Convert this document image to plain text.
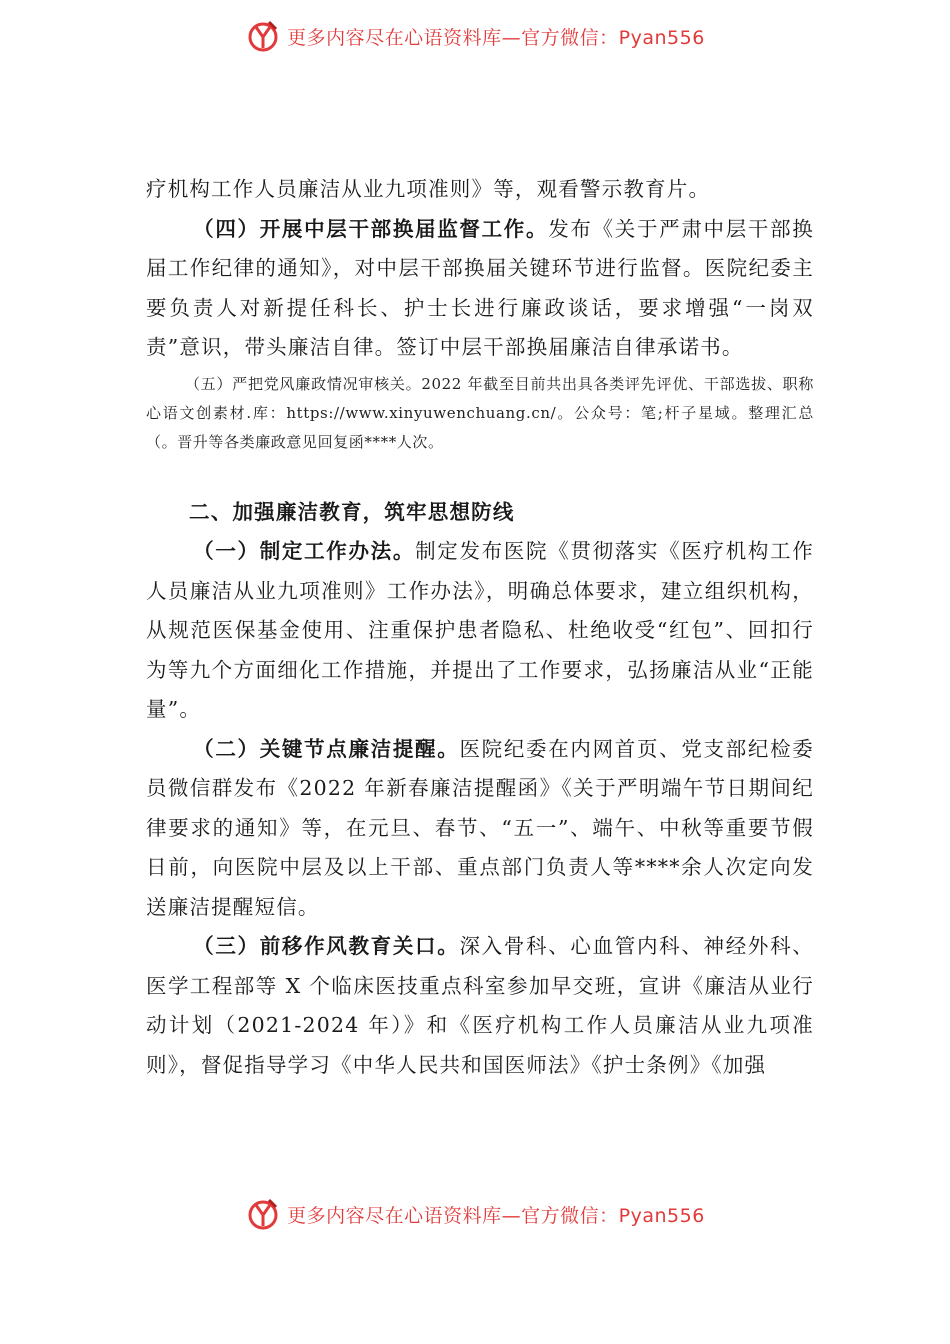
更多内容尽在心语资料库—官方微信：Pyan556

疗机构工作人员廉洁从业九项准则》等，观看警示教育片。

（四）开展中层干部换届监督工作。发布《关于严肃中层干部换届工作纪律的通知》，对中层干部换届关键环节进行监督。医院纪委主要负责人对新提任科长、护士长进行廉政谈话，要求增强“一岗双责”意识，带头廉洁自律。签订中层干部换届廉洁自律承诺书。

（五）严把党风廉政情况审核关。2022 年截至目前共出具各类评先评优、干部选拔、职称心语文创素材.库：https://www.xinyuwenchuang.cn/。公众号：笔;杆子星域。整理汇总（。晋升等各类廉政意见回复函****人次。

二、加强廉洁教育，筑牢思想防线

（一）制定工作办法。制定发布医院《贯彻落实《医疗机构工作人员廉洁从业九项准则》工作办法》，明确总体要求，建立组织机构，从规范医保基金使用、注重保护患者隐私、杜绝收受“红包”、回扣行为等九个方面细化工作措施，并提出了工作要求，弘扬廉洁从业“正能量”。

（二）关键节点廉洁提醒。医院纪委在内网首页、党支部纪检委员微信群发布《2022 年新春廉洁提醒函》《关于严明端午节日期间纪律要求的通知》等，在元旦、春节、“五一”、端午、中秋等重要节假日前，向医院中层及以上干部、重点部门负责人等****余人次定向发送廉洁提醒短信。

（三）前移作风教育关口。深入骨科、心血管内科、神经外科、医学工程部等 X 个临床医技重点科室参加早交班，宣讲《廉洁从业行动计划（2021-2024 年）》和《医疗机构工作人员廉洁从业九项准则》，督促指导学习《中华人民共和国医师法》《护士条例》《加强

更多内容尽在心语资料库—官方微信：Pyan556
